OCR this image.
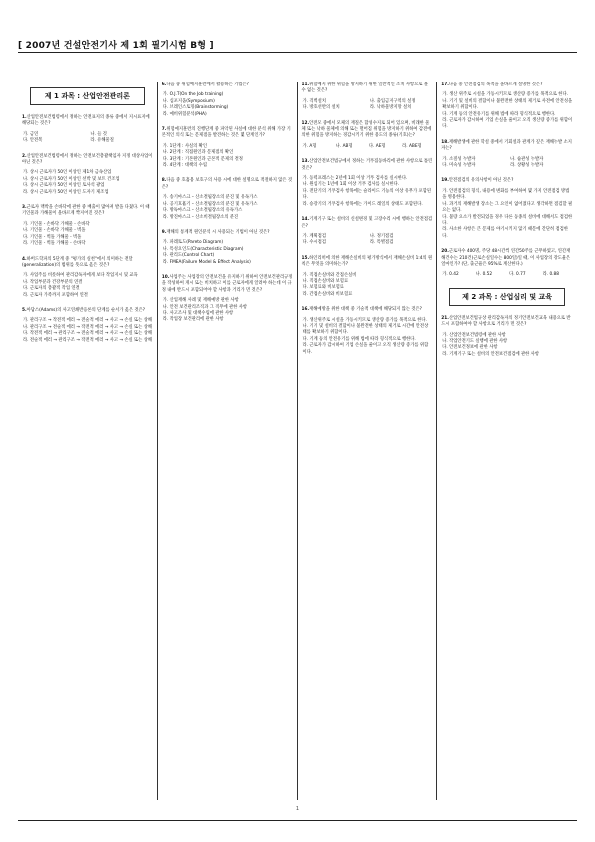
[ 2007년 건설안전기사 제 1회 필기시험 B형 ]
제 1 과목 : 산업안전관리론
1.산업안전보건법령에서 정하는 안전표지의 종류 중에서 지시표지에 해당되는 것은?
가. 금연	나. 들 것
다. 안전복	라. 유해물질
2.산업안전보건법령에서 정하는 안전보건총괄책임자 지정 대상사업이 아닌 것은?
가. 상시 근로자가 50인 이상인 제1차 금속산업
나. 상시 근로자가 50인 이상인 선박 및 보트 건조업
다. 상시 근로자가 50인 이상인 토사석 광업
라. 상시 근로자가 50인 이상인 도자기 제조업
3.근로자 맥박을 손바닥에 관한 중 배출이 많아져 발을 다쳤다. 이 때 기인물과 가해물이 올바르게 짝지어진 것은?
가. 기인물 - 손바닥 가해물 - 손바닥
나. 기인물 - 손바닥 가해물 - 벽돌
다. 기인물 - 벽돌 가해물 - 벽돌
라. 기인물 - 벽돌 가해물 - 손바닥
4.하버드학파의 5단계 중 "평가의 실천"에서 의미하는 전달(generalization)의 범위를 뜻으로 옳은 것은?
가. 사업주를 비롯하여 관리감독자에게 보다 작업지시 및 교육
나. 작업부분과 건강부분의 연결
다. 근로자의 총괄적 작업 연결
라. 근로자 가족까지 포함하여 연결
5.아담스(Adams)의 사고연쇄반응론의 단계를 순서가 옳은 것은?
가. 관리구조 → 작전적 에러 → 전술적 에러 → 사고 → 손실 또는 상해
나. 관리구조 → 전술적 에러 → 작전적 에러 → 사고 → 손실 또는 상해
다. 작전적 에러 → 관리구조 → 전술적 에러 → 사고 → 손실 또는 상해
라. 전술적 에러 → 관리구조 → 작전적 에러 → 사고 → 손실 또는 상해
6.다음 중 위험예지훈련에서 활용하는 기법은?
가. O.J.T(On the Job training)
나. 심포지움(Symposium)
다. 브레인스토밍(Brainstorming)
라. 예비위험분석(PHA)
7.위험예지훈련의 진행단계 중 파악된 사실에 대한 분석 위해 가장 기본적인 의식 또는 문제점을 발견하는 것은 몇 단계인가?
가. 1단계 : 사실의 확인
나. 2단계 : 직접원인과 문제점의 확인
다. 3단계 : 기본원인과 근본적 문제의 결정
라. 4단계 : 대책의 수립
8.다음 중 호흡용 보호구의 사용 시에 대한 설명으로 적절하지 않은 것은?
가. 송기마스크 – 산소결핍장소의 분진 및 유독가스
나. 공기호흡기 – 산소결핍장소의 분진 및 유독가스
다. 방독마스크 – 산소결핍장소의 유독가스
라. 방진마스크 – 산소비결핍장소의 분진
9.재해의 통계적 원인분석 시 사용되는 기법이 아닌 것은?
가. 파레토도(Pareto Diagram)
나. 특성요인도(Characteristic Diagram)
다. 관리도(Control Chart)
라. FMEA(Failure Model & Effect Analysis)
10.사업주는 사업장의 안전보건을 유지하기 위하여 안전보건관리규정을 작성하여 게시 또는 비치하고 이를 근로자에게 알려야 하는데 이 규정 내에 반드시 포함되어야 할 사항과 거리가 먼 것은?
가. 산업재해 사례 및 재해예방 관한 사항
나. 안전 보건관리조직과 그 직무에 관한 사항
다. 사고조사 및 대책수립에 관한 사항
라. 작업장 보건관리에 관한 사항
11.위험예지 위한 위험을 방지하기 위한 일반적인 조치 사항으로 볼 수 없는 것은?
가. 격벽설치	나. 출입금지구역의 설정
다. 방호선반의 설치	라. 낙하물방지망 설치
12.안전모 중에서 모체의 재질은 합성수지로 되어 있으며, 비래한 물체 또는 낙하 물체에 의해 또는 떨어짐 위험을 방지하기 위하여 감전에 의한 위험을 방지하는 경감시키기 위한 용도의 종류(기호)는?
가. A형	나. AB형	다. AE형	라. ABE형
13.산업안전보건법규에서 정하는 거푸집동바리에 관한 사항으로 틀린 것은?
가. 동력프레스는 2년에 1회 이상 거푸 검사를 실시한다.
나. 원심기는 1년에 1회 이상 거푸 검사를 실시한다.
다. 전단기의 거푸검사 항목에는 슬라이드 기능의 이상 유무가 포함된다.
라. 승강기의 거푸검사 항목에는 가이드 레일의 상태도 포함된다.
14.기계기구 또는 설비의 신설변경 및 고장수리 시에 행하는 안전점검은?
가. 계획점검	나. 정기점검
다. 수시점검	라. 특별점검
15.하인리히에 의한 재해손실비의 평가방식에서 재해손실비 1:4의 원칙은 무엇을 의미하는가?
가. 직접손실비와 간접손실비
나. 직접손실비와 보험료
다. 보험료와 비보험료
라. 간접손실비와 비보험료
16.재해예방을 위한 대책 중 기술적 대책에 해당되지 않는 것은?
가. 생산위주로 시설을 가동시키므로 생산량 증가를 목적으로 한다.
나. 기기 및 설비의 결함이나 불완전한 상태의 제거로 시간에 안전상태를 확보하기 위함이다.
다. 기계 등의 안전유기를 위해 법에 따라 형식적으로 행한다.
라. 근로자가 감시하여 기업 손실을 줄이고 오직 생산량 증가를 위함이다.
17.다음 중 안전점검의 목적을 올바르게 설명한 것은?
가. 생산 위주로 시설을 가동시키므로 생산량 증가를 목적으로 한다.
나. 기기 및 설비의 결함이나 불완전한 상태의 제거로 사전에 안전성을 확보하기 위함이다.
다. 기계 등의 안전유기를 위해 법에 따라 형식적으로 행한다.
라. 근로자가 감시하여 기업 손실을 줄이고 오직 생산량 증가를 위함이다.
18.재해발생에 관한 학설 중에서 기회설과 관계가 깊은 재해누발 소지자는?
가. 소질성 누발자	나. 습관성 누발자
다. 미숙성 누발자	라. 상황성 누발자
19.안전점검의 유의사항이 아닌 것은?
가. 안전점검의 형식, 내용에 변화를 부여하여 몇 가지 안전점검 방법을 병용한다.
나. 과거의 재해발생 장소는 그 요인이 없어졌다고 생각하면 점검할 필요는 없다.
다. 불량 요소가 발견되었을 경우 다른 동종의 설비에 대해서도 점검한다.
라. 사소한 사항은 큰 문제를 야기시키지 않기 때문에 간단히 점검한다.
20.근로자수 400명, 주당 48시간씩 연간50주를 근무하였고, 연간재해건수는 210건(근로손실일수는 800일)일 때, 이 사업장의 강도율은 얼마인가? (단, 출근율은 95%로 계산한다.)
가. 0.42	나. 0.52	다. 0.77	라. 0.88
제 2 과목 : 산업심리 및 교육
21.산업안전보건법규상 관리감독자의 정기안전보건교육 내용으로 반드시 포함하여야 할 사항으로 거리가 먼 것은?
가. 산업안전보건법령에 관한 사항
나. 작업안전기도 실행에 관한 사항
다. 안전보건정보에 관한 사항
라. 기계기구 또는 설비의 안전보건점검에 관한 사항
1
